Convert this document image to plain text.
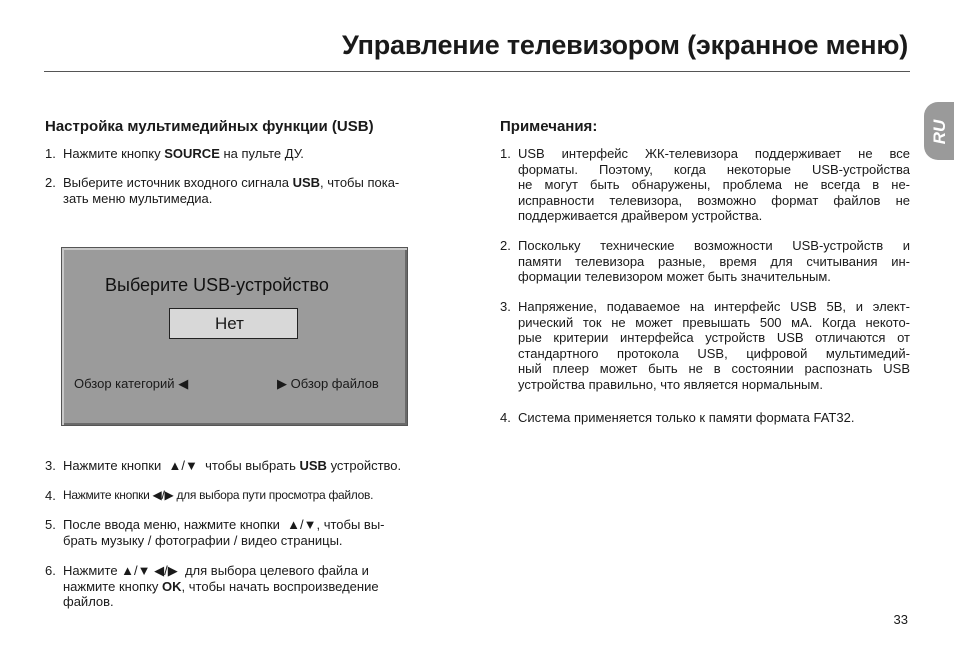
Управление телевизором (экранное меню)
RU
Настройка мультимедийных функции (USB)
1. Нажмите кнопку SOURCE на пульте ДУ.
2. Выберите источник входного сигнала USB, чтобы пока-
зать меню мультимедиа.
Выберите USB-устройство
Нет
Обзор категорий ◀	▶ Обзор файлов
3. Нажмите кнопки  ▲/▼  чтобы выбрать USB устройство.
4. Нажмите кнопки ◀/▶ для выбора пути просмотра файлов.
5. После ввода меню, нажмите кнопки  ▲/▼, чтобы вы-
брать музыку / фотографии / видео страницы.
6. Нажмите ▲/▼ ◀/▶  для выбора целевого файла и
нажмите кнопку OK, чтобы начать воспроизведение
файлов.
Примечания:
1. USB интерфейс ЖК-телевизора поддерживает не все
форматы. Поэтому, когда некоторые USB-устройства
не могут быть обнаружены, проблема не всегда в не-
исправности телевизора, возможно формат файлов не
поддерживается драйвером устройства.
2. Поскольку технические возможности USB-устройств и
памяти телевизора разные, время для считывания ин-
формации телевизором может быть значительным.
3. Напряжение, подаваемое на интерфейс USB 5В, и элект-
рический ток не может превышать 500 мА. Когда некото-
рые критерии интерфейса устройств USB отличаются от
стандартного протокола USB, цифровой мультимедий-
ный плеер может быть не в состоянии распознать USB
устройства правильно, что является нормальным.
4. Система применяется только к памяти формата FAT32.
33
